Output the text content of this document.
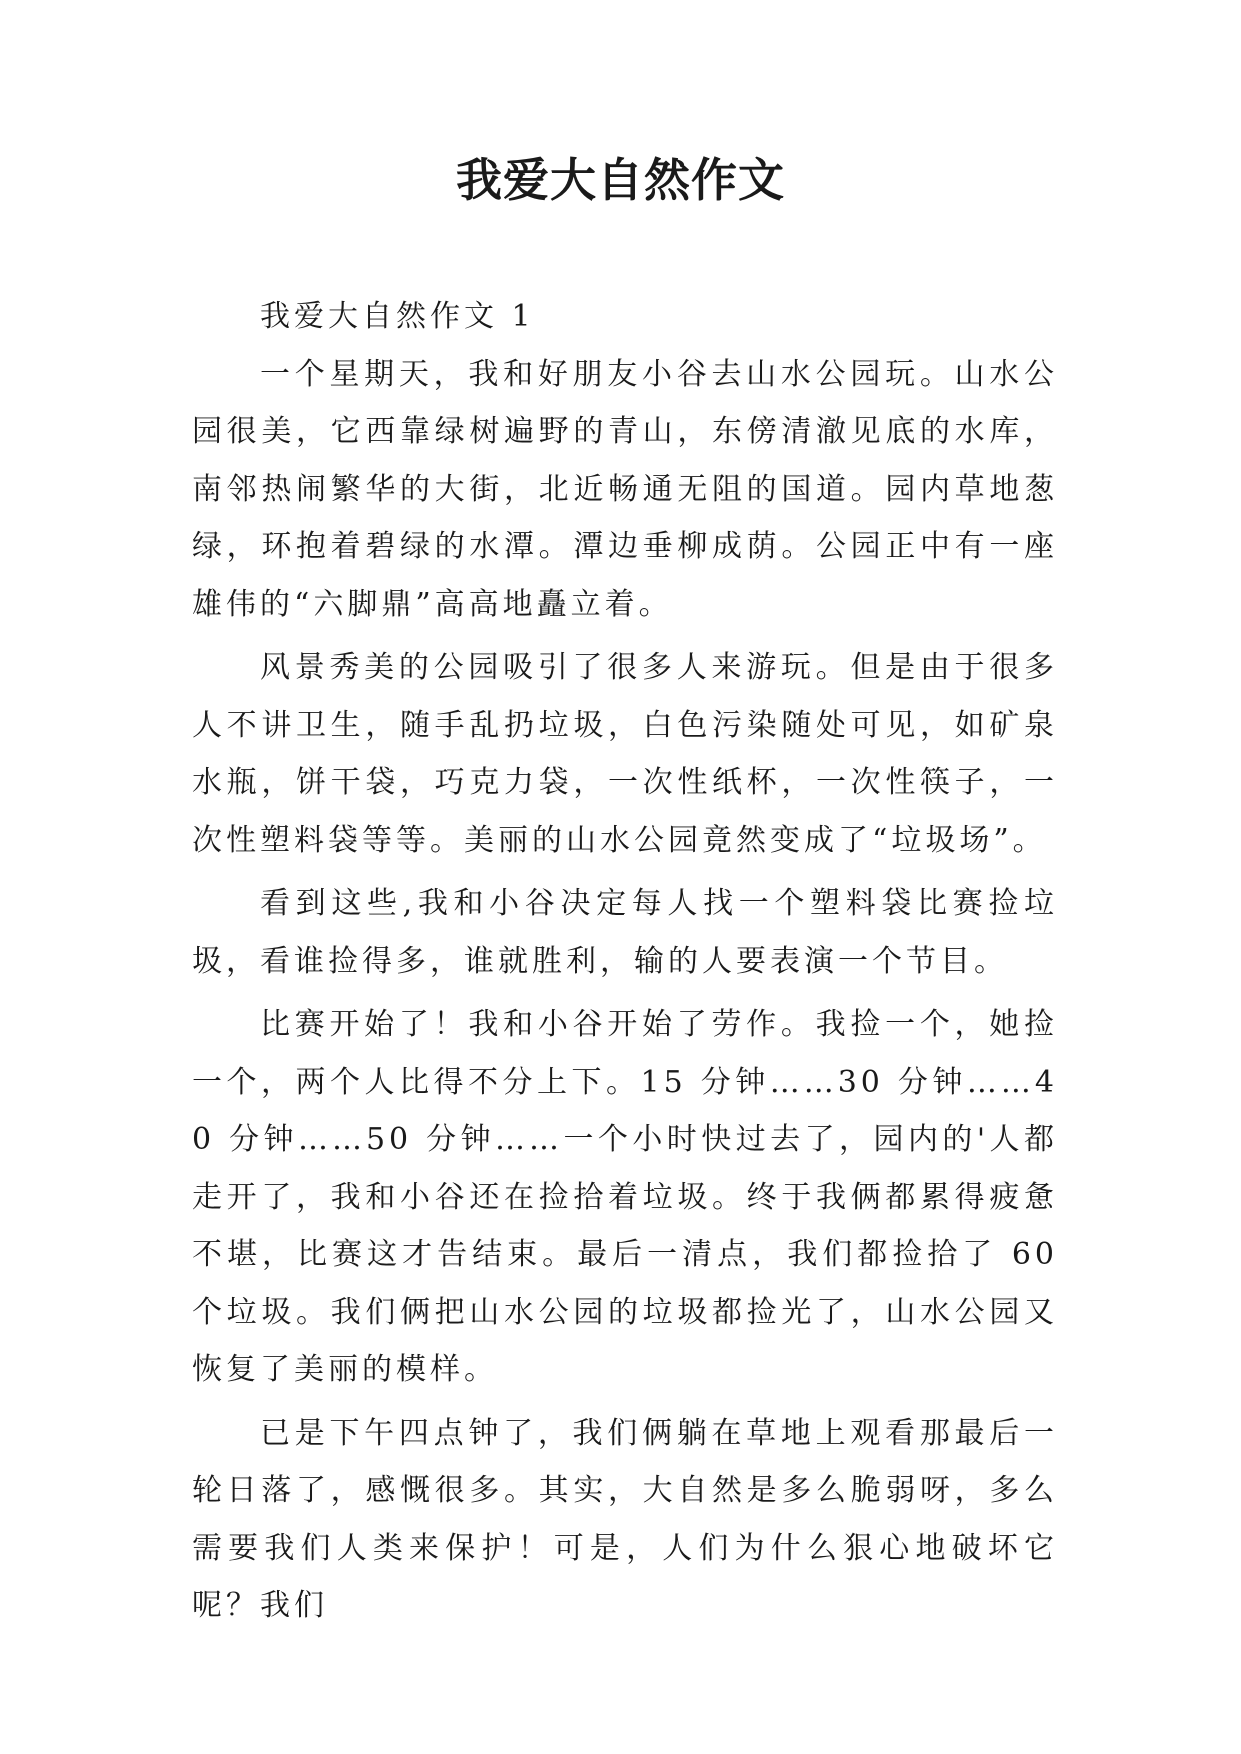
我爱大自然作文

我爱大自然作文 1

一个星期天，我和好朋友小谷去山水公园玩。山水公园很美，它西靠绿树遍野的青山，东傍清澈见底的水库，南邻热闹繁华的大街，北近畅通无阻的国道。园内草地葱绿，环抱着碧绿的水潭。潭边垂柳成荫。公园正中有一座雄伟的“六脚鼎”高高地矗立着。

风景秀美的公园吸引了很多人来游玩。但是由于很多人不讲卫生，随手乱扔垃圾，白色污染随处可见，如矿泉水瓶，饼干袋，巧克力袋，一次性纸杯，一次性筷子，一次性塑料袋等等。美丽的山水公园竟然变成了“垃圾场”。

看到这些,我和小谷决定每人找一个塑料袋比赛捡垃圾，看谁捡得多，谁就胜利，输的人要表演一个节目。

比赛开始了！我和小谷开始了劳作。我捡一个，她捡一个，两个人比得不分上下。15 分钟……30 分钟……40 分钟……50 分钟……一个小时快过去了，园内的'人都走开了，我和小谷还在捡拾着垃圾。终于我俩都累得疲惫不堪，比赛这才告结束。最后一清点，我们都捡拾了 60 个垃圾。我们俩把山水公园的垃圾都捡光了，山水公园又恢复了美丽的模样。

已是下午四点钟了，我们俩躺在草地上观看那最后一轮日落了，感慨很多。其实，大自然是多么脆弱呀，多么需要我们人类来保护！可是，人们为什么狠心地破坏它呢？我们
